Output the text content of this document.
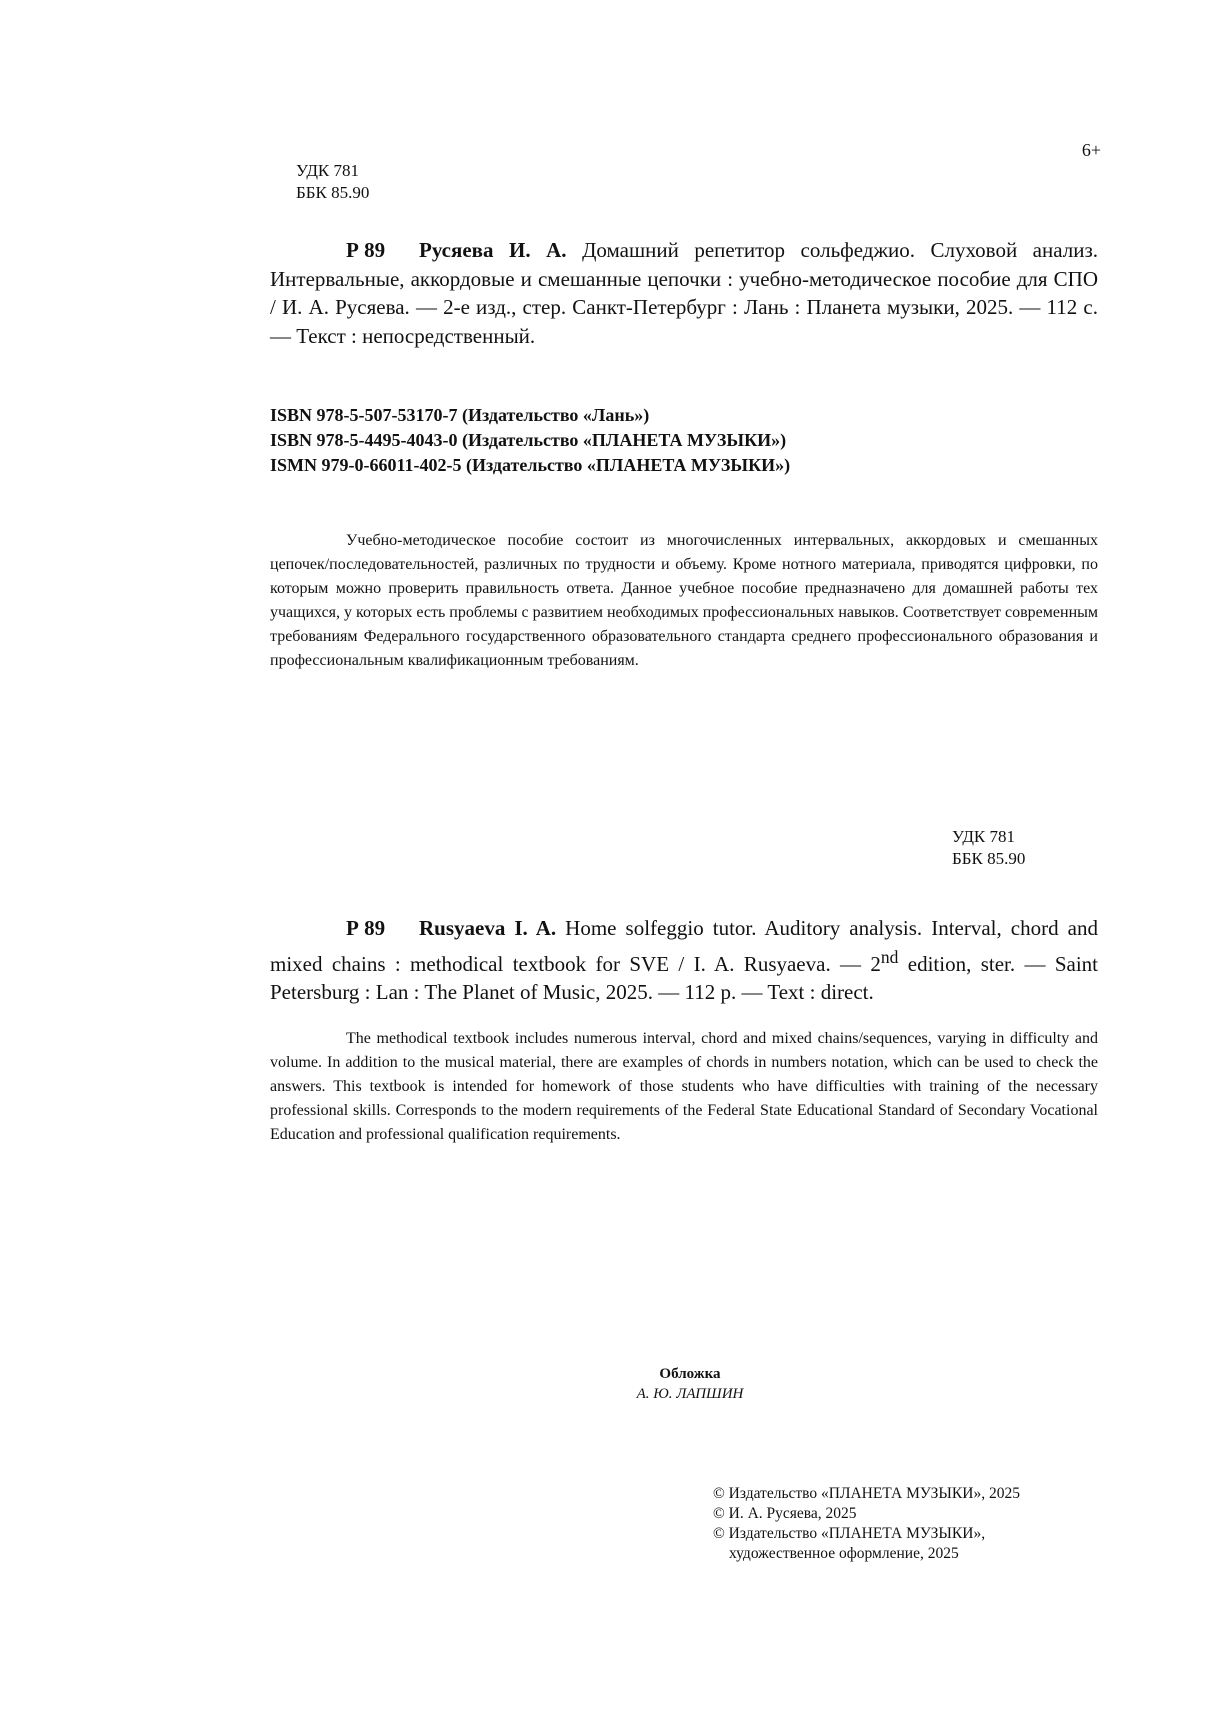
6+
УДК 781
ББК 85.90
Р 89 Русяева И. А. Домашний репетитор сольфеджио. Слуховой анализ. Интервальные, аккордовые и смешанные цепочки : учебно-методическое пособие для СПО / И. А. Русяева. — 2-е изд., стер. Санкт-Петербург : Лань : Планета музыки, 2025. — 112 с. — Текст : непосредственный.
ISBN 978-5-507-53170-7 (Издательство «Лань»)
ISBN 978-5-4495-4043-0 (Издательство «ПЛАНЕТА МУЗЫКИ»)
ISMN 979-0-66011-402-5 (Издательство «ПЛАНЕТА МУЗЫКИ»)

Учебно-методическое пособие состоит из многочисленных интервальных, аккордовых и смешанных цепочек/последовательностей, различных по трудности и объему. Кроме нотного материала, приводятся цифровки, по которым можно проверить правильность ответа. Данное учебное пособие предназначено для домашней работы тех учащихся, у которых есть проблемы с развитием необходимых профессиональных навыков. Соответствует современным требованиям Федерального государственного образовательного стандарта среднего профессионального образования и профессиональным квалификационным требованиям.

УДК 781
ББК 85.90
Р 89 Rusyaeva I. A. Home solfeggio tutor. Auditory analysis. Interval, chord and mixed chains : methodical textbook for SVE / I. A. Rusyaeva. — 2nd edition, ster. — Saint Petersburg : Lan : The Planet of Music, 2025. — 112 p. — Text : direct.

The methodical textbook includes numerous interval, chord and mixed chains/sequences, varying in difficulty and volume. In addition to the musical material, there are examples of chords in numbers notation, which can be used to check the answers. This textbook is intended for homework of those students who have difficulties with training of the necessary professional skills. Corresponds to the modern requirements of the Federal State Educational Standard of Secondary Vocational Education and professional qualification requirements.

Обложка
А. Ю. ЛАПШИН
© Издательство «ПЛАНЕТА МУЗЫКИ», 2025
© И. А. Русяева, 2025
© Издательство «ПЛАНЕТА МУЗЫКИ»,
художественное оформление, 2025
